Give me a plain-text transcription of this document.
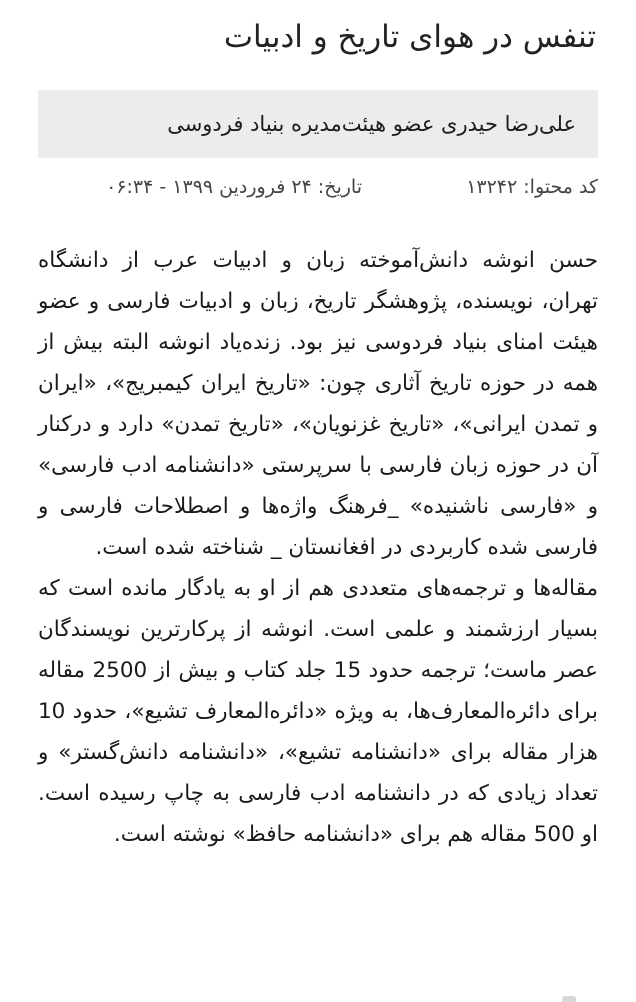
تنفس در هوای تاریخ و ادبیات
علی‌رضا حیدری عضو هیئت‌مدیره بنیاد فردوسی
کد محتوا: ۱۳۲۴۲
تاریخ: ۲۴ فروردین ۱۳۹۹ - ۰۶:۳۴

حسن انوشه دانش‌آموخته زبان و ادبیات عرب از دانشگاه تهران، نویسنده، پژوهشگر تاریخ، زبان و ادبیات فارسی و عضو هیئت امنای بنیاد فردوسی نیز بود. زنده‌یاد انوشه البته بیش از همه در حوزه تاریخ آثاری چون: «تاریخ ایران کیمبریج»، «ایران و تمدن ایرانی»، «تاریخ غزنویان»، «تاریخ تمدن» دارد و درکنار آن در حوزه زبان فارسی با سرپرستی «دانشنامه ادب فارسی» و «فارسی ناشنیده» _فرهنگ واژه‌ها و اصطلاحات فارسی و فارسی شده کاربردی در افغانستان _ شناخته شده است.

مقاله‌ها و ترجمه‌های متعددی هم از او به یادگار مانده است که بسیار ارزشمند و علمی است. انوشه از پرکارترین نویسندگان عصر ماست؛ ترجمه حدود 15 جلد کتاب و بیش از 2500 مقاله برای دائره‌المعارف‌ها، به ویژه «دائره‌المعارف تشیع»، حدود 10 هزار مقاله برای «دانشنامه تشیع»، «دانشنامه دانش‌گستر» و تعداد زیادی که در دانشنامه ادب فارسی به چاپ رسیده است. او 500 مقاله هم برای «دانشنامه حافظ» نوشته است.
